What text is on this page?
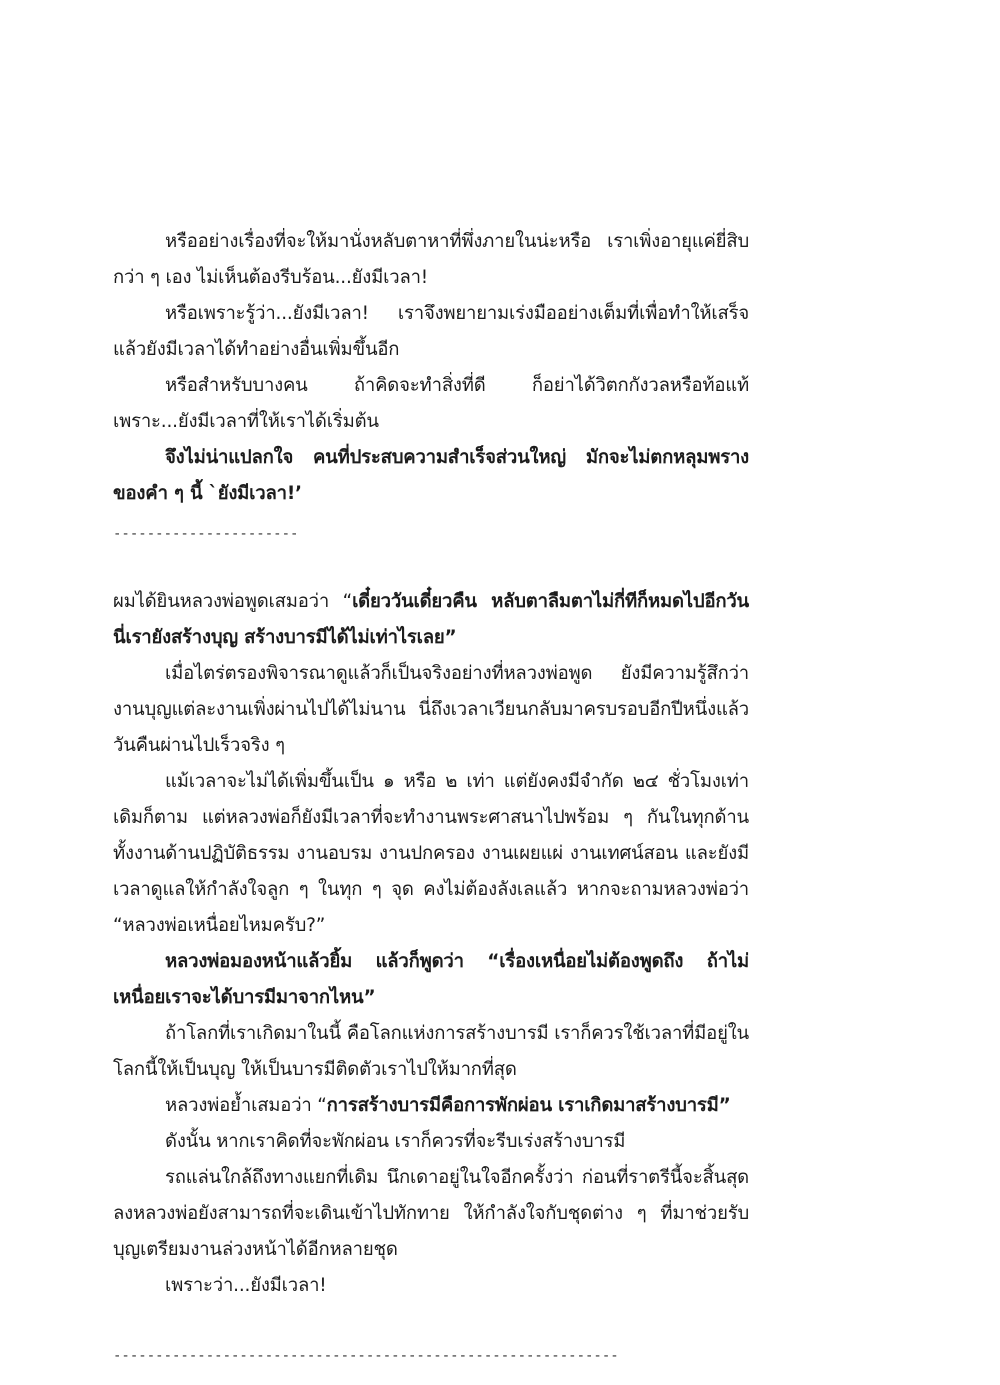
หรืออย่างเรื่องที่จะให้มานั่งหลับตาหาที่พึ่งภายในน่ะหรือ เราเพิ่งอายุแค่ยี่สิบกว่า ๆ เอง ไม่เห็นต้องรีบร้อน...ยังมีเวลา!

หรือเพราะรู้ว่า...ยังมีเวลา! เราจึงพยายามเร่งมืออย่างเต็มที่เพื่อทำให้เสร็จ แล้วยังมีเวลาได้ทำอย่างอื่นเพิ่มขึ้นอีก

หรือสำหรับบางคน ถ้าคิดจะทำสิ่งที่ดี ก็อย่าได้วิตกกังวลหรือท้อแท้ เพราะ...ยังมีเวลาที่ให้เราได้เริ่มต้น

จึงไม่น่าแปลกใจ คนที่ประสบความสำเร็จส่วนใหญ่ มักจะไม่ตกหลุมพรางของคำ ๆ นี้ `ยังมีเวลา!’

----------------------

ผมได้ยินหลวงพ่อพูดเสมอว่า “เดี๋ยววันเดี๋ยวคืน หลับตาลืมตาไม่กี่ทีก็หมดไปอีกวัน นี่เรายังสร้างบุญ สร้างบารมีได้ไม่เท่าไรเลย”

เมื่อไตร่ตรองพิจารณาดูแล้วก็เป็นจริงอย่างที่หลวงพ่อพูด ยังมีความรู้สึกว่างานบุญแต่ละงานเพิ่งผ่านไปได้ไม่นาน นี่ถึงเวลาเวียนกลับมาครบรอบอีกปีหนึ่งแล้ว วันคืนผ่านไปเร็วจริง ๆ

แม้เวลาจะไม่ได้เพิ่มขึ้นเป็น ๑ หรือ ๒ เท่า แต่ยังคงมีจำกัด ๒๔ ชั่วโมงเท่าเดิมก็ตาม แต่หลวงพ่อก็ยังมีเวลาที่จะทำงานพระศาสนาไปพร้อม ๆ กันในทุกด้าน ทั้งงานด้านปฏิบัติธรรม งานอบรม งานปกครอง งานเผยแผ่ งานเทศน์สอน และยังมีเวลาดูแลให้กำลังใจลูก ๆ ในทุก ๆ จุด คงไม่ต้องลังเลแล้ว หากจะถามหลวงพ่อว่า “หลวงพ่อเหนื่อยไหมครับ?”

หลวงพ่อมองหน้าแล้วยิ้ม แล้วก็พูดว่า “เรื่องเหนื่อยไม่ต้องพูดถึง ถ้าไม่เหนื่อยเราจะได้บารมีมาจากไหน”

ถ้าโลกที่เราเกิดมาในนี้ คือโลกแห่งการสร้างบารมี เราก็ควรใช้เวลาที่มีอยู่ในโลกนี้ให้เป็นบุญ ให้เป็นบารมีติดตัวเราไปให้มากที่สุด

หลวงพ่อย้ำเสมอว่า “การสร้างบารมีคือการพักผ่อน เราเกิดมาสร้างบารมี”

ดังนั้น หากเราคิดที่จะพักผ่อน เราก็ควรที่จะรีบเร่งสร้างบารมี

รถแล่นใกล้ถึงทางแยกที่เดิม นึกเดาอยู่ในใจอีกครั้งว่า ก่อนที่ราตรีนี้จะสิ้นสุดลงหลวงพ่อยังสามารถที่จะเดินเข้าไปทักทาย ให้กำลังใจกับชุดต่าง ๆ ที่มาช่วยรับบุญเตรียมงานล่วงหน้าได้อีกหลายชุด

เพราะว่า...ยังมีเวลา!

------------------------------------------------------------
